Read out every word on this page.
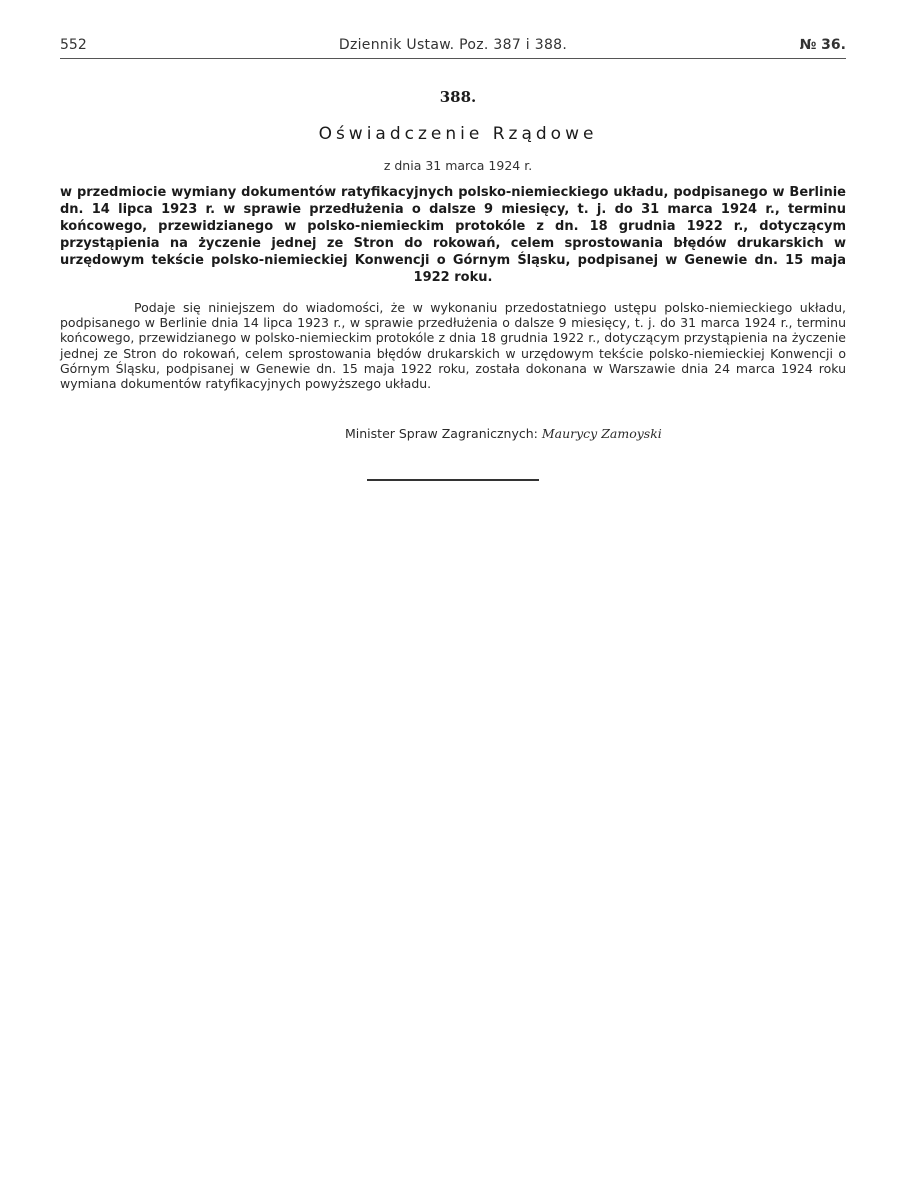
552	Dziennik Ustaw. Poz. 387 i 388.	№ 36.
388.
Oświadczenie Rządowe
z dnia 31 marca 1924 r.
w przedmiocie wymiany dokumentów ratyfikacyjnych polsko-niemieckiego układu, podpisanego w Berlinie dn. 14 lipca 1923 r. w sprawie przedłużenia o dalsze 9 miesięcy, t. j. do 31 marca 1924 r., terminu końcowego, przewidzianego w polsko-niemieckim protokóle z dn. 18 grudnia 1922 r., dotyczącym przystąpienia na życzenie jednej ze Stron do rokowań, celem sprostowania błędów drukarskich w urzędowym tekście polsko-niemieckiej Konwencji o Górnym Śląsku, podpisanej w Genewie dn. 15 maja 1922 roku.

Podaje się niniejszem do wiadomości, że w wykonaniu przedostatniego ustępu polsko-niemieckiego układu, podpisanego w Berlinie dnia 14 lipca 1923 r., w sprawie przedłużenia o dalsze 9 miesięcy, t. j. do 31 marca 1924 r., terminu końcowego, przewidzianego w polsko-niemieckim protokóle z dnia 18 grudnia 1922 r., dotyczącym przystąpienia na życzenie jednej ze Stron do rokowań, celem sprostowania błędów drukarskich w urzędowym tekście polsko-niemieckiej Konwencji o Górnym Śląsku, podpisanej w Genewie dn. 15 maja 1922 roku, została dokonana w Warszawie dnia 24 marca 1924 roku wymiana dokumentów ratyfikacyjnych powyższego układu.

Minister Spraw Zagranicznych: Maurycy Zamoyski
